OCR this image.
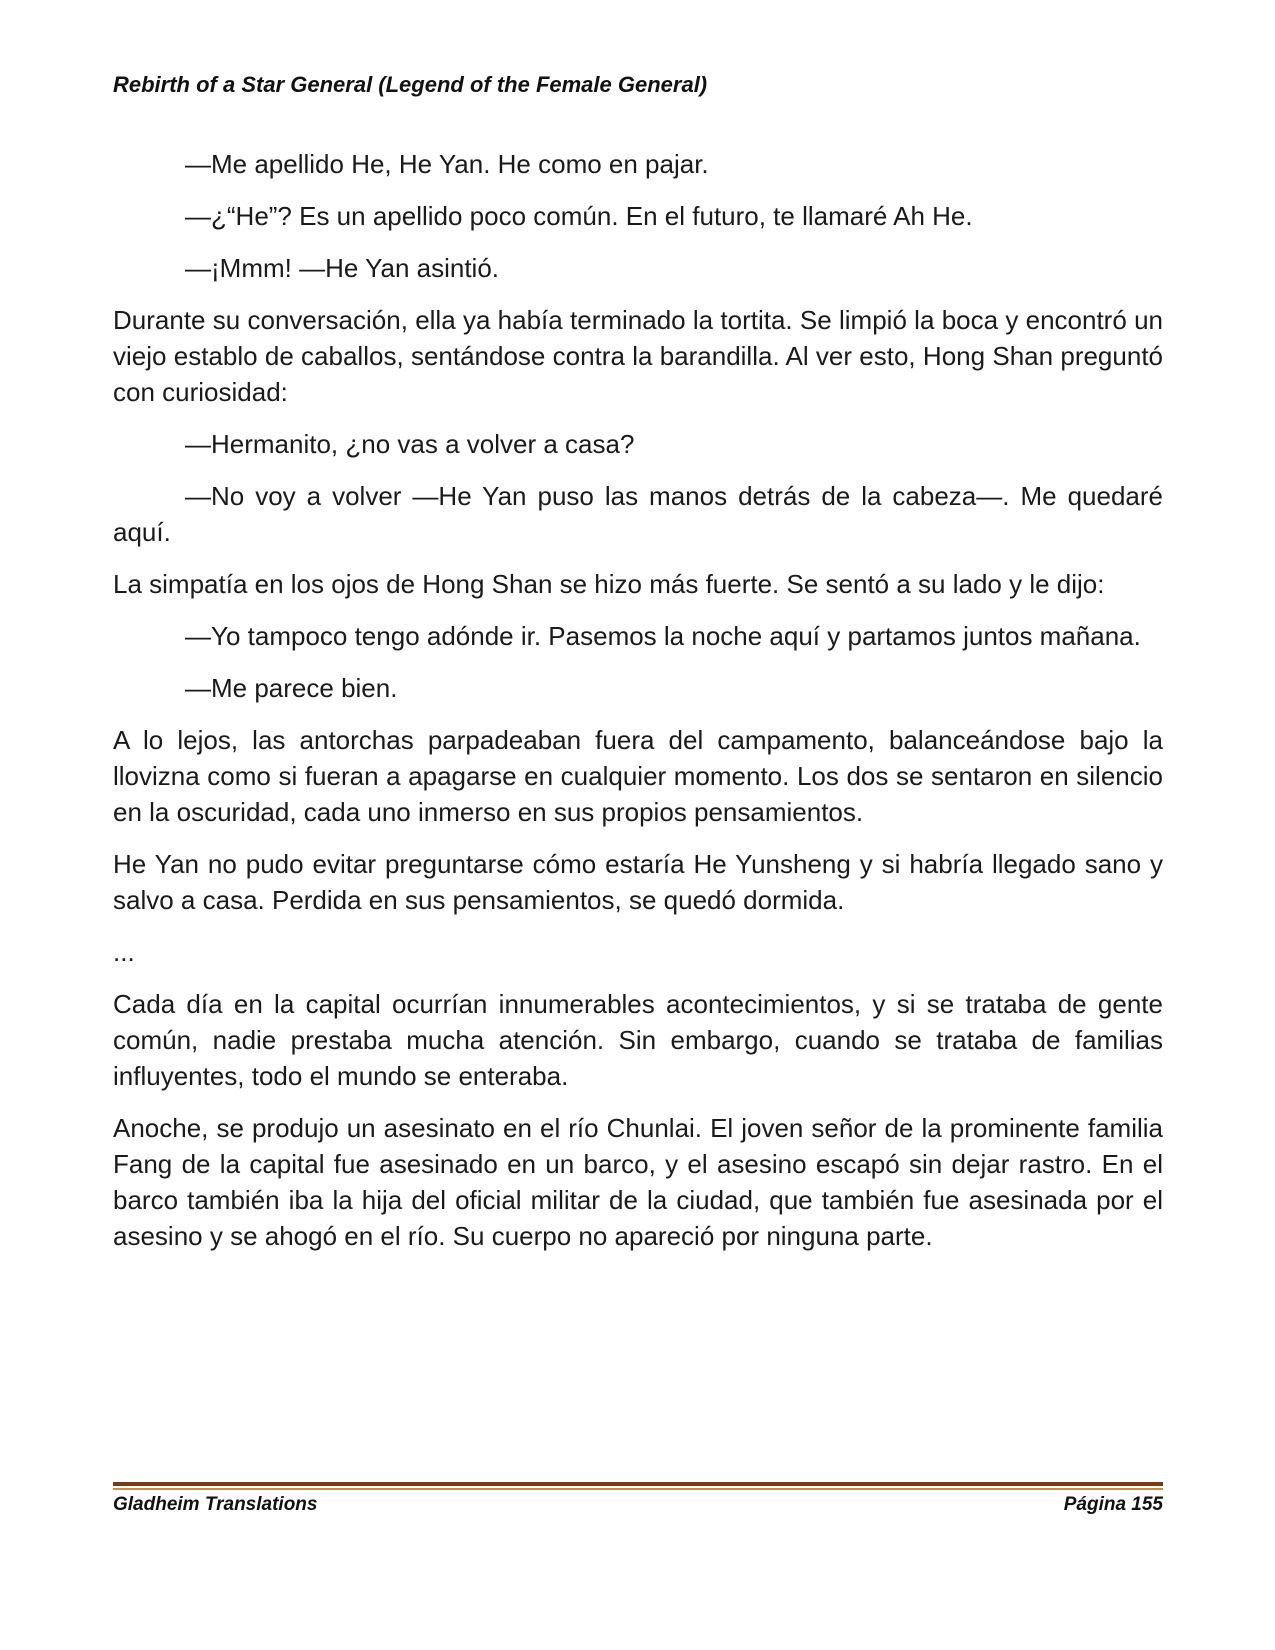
Rebirth of a Star General (Legend of the Female General)

—Me apellido He, He Yan. He como en pajar.

—¿“He”? Es un apellido poco común. En el futuro, te llamaré Ah He.

—¡Mmm! —He Yan asintió.

Durante su conversación, ella ya había terminado la tortita. Se limpió la boca y encontró un viejo establo de caballos, sentándose contra la barandilla. Al ver esto, Hong Shan preguntó con curiosidad:

—Hermanito, ¿no vas a volver a casa?

—No voy a volver —He Yan puso las manos detrás de la cabeza—. Me quedaré aquí.

La simpatía en los ojos de Hong Shan se hizo más fuerte. Se sentó a su lado y le dijo:

—Yo tampoco tengo adónde ir. Pasemos la noche aquí y partamos juntos mañana.

—Me parece bien.

A lo lejos, las antorchas parpadeaban fuera del campamento, balanceándose bajo la llovizna como si fueran a apagarse en cualquier momento. Los dos se sentaron en silencio en la oscuridad, cada uno inmerso en sus propios pensamientos.

He Yan no pudo evitar preguntarse cómo estaría He Yunsheng y si habría llegado sano y salvo a casa. Perdida en sus pensamientos, se quedó dormida.

...

Cada día en la capital ocurrían innumerables acontecimientos, y si se trataba de gente común, nadie prestaba mucha atención. Sin embargo, cuando se trataba de familias influyentes, todo el mundo se enteraba.

Anoche, se produjo un asesinato en el río Chunlai. El joven señor de la prominente familia Fang de la capital fue asesinado en un barco, y el asesino escapó sin dejar rastro. En el barco también iba la hija del oficial militar de la ciudad, que también fue asesinada por el asesino y se ahogó en el río. Su cuerpo no apareció por ninguna parte.

Gladheim Translations	Página 155
